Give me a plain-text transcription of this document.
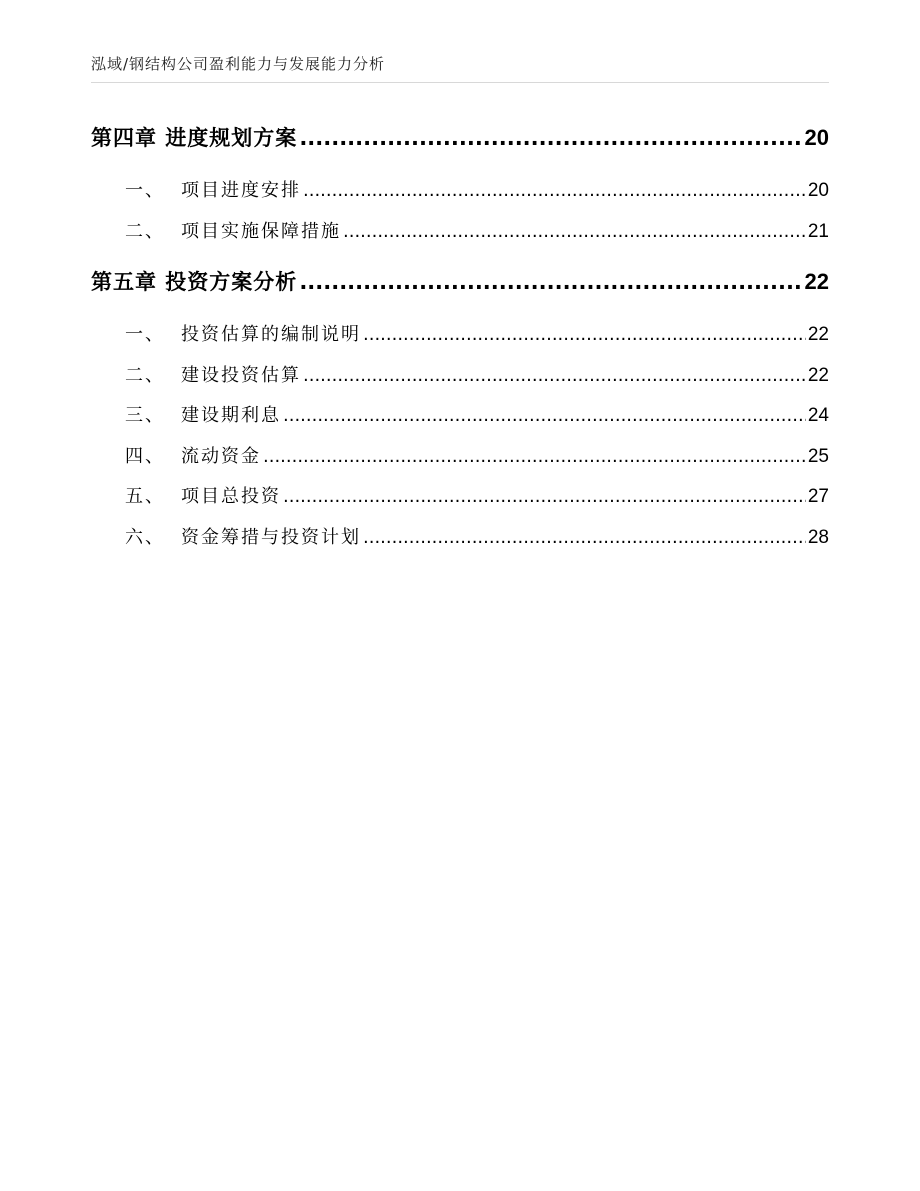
泓域/钢结构公司盈利能力与发展能力分析
第四章 进度规划方案 .....	20
一、 项目进度安排 .....	20
二、 项目实施保障措施 .....	21
第五章 投资方案分析 .....	22
一、 投资估算的编制说明 .....	22
二、 建设投资估算 .....	22
三、 建设期利息 .....	24
四、 流动资金 .....	25
五、 项目总投资 .....	27
六、 资金筹措与投资计划 .....	28
